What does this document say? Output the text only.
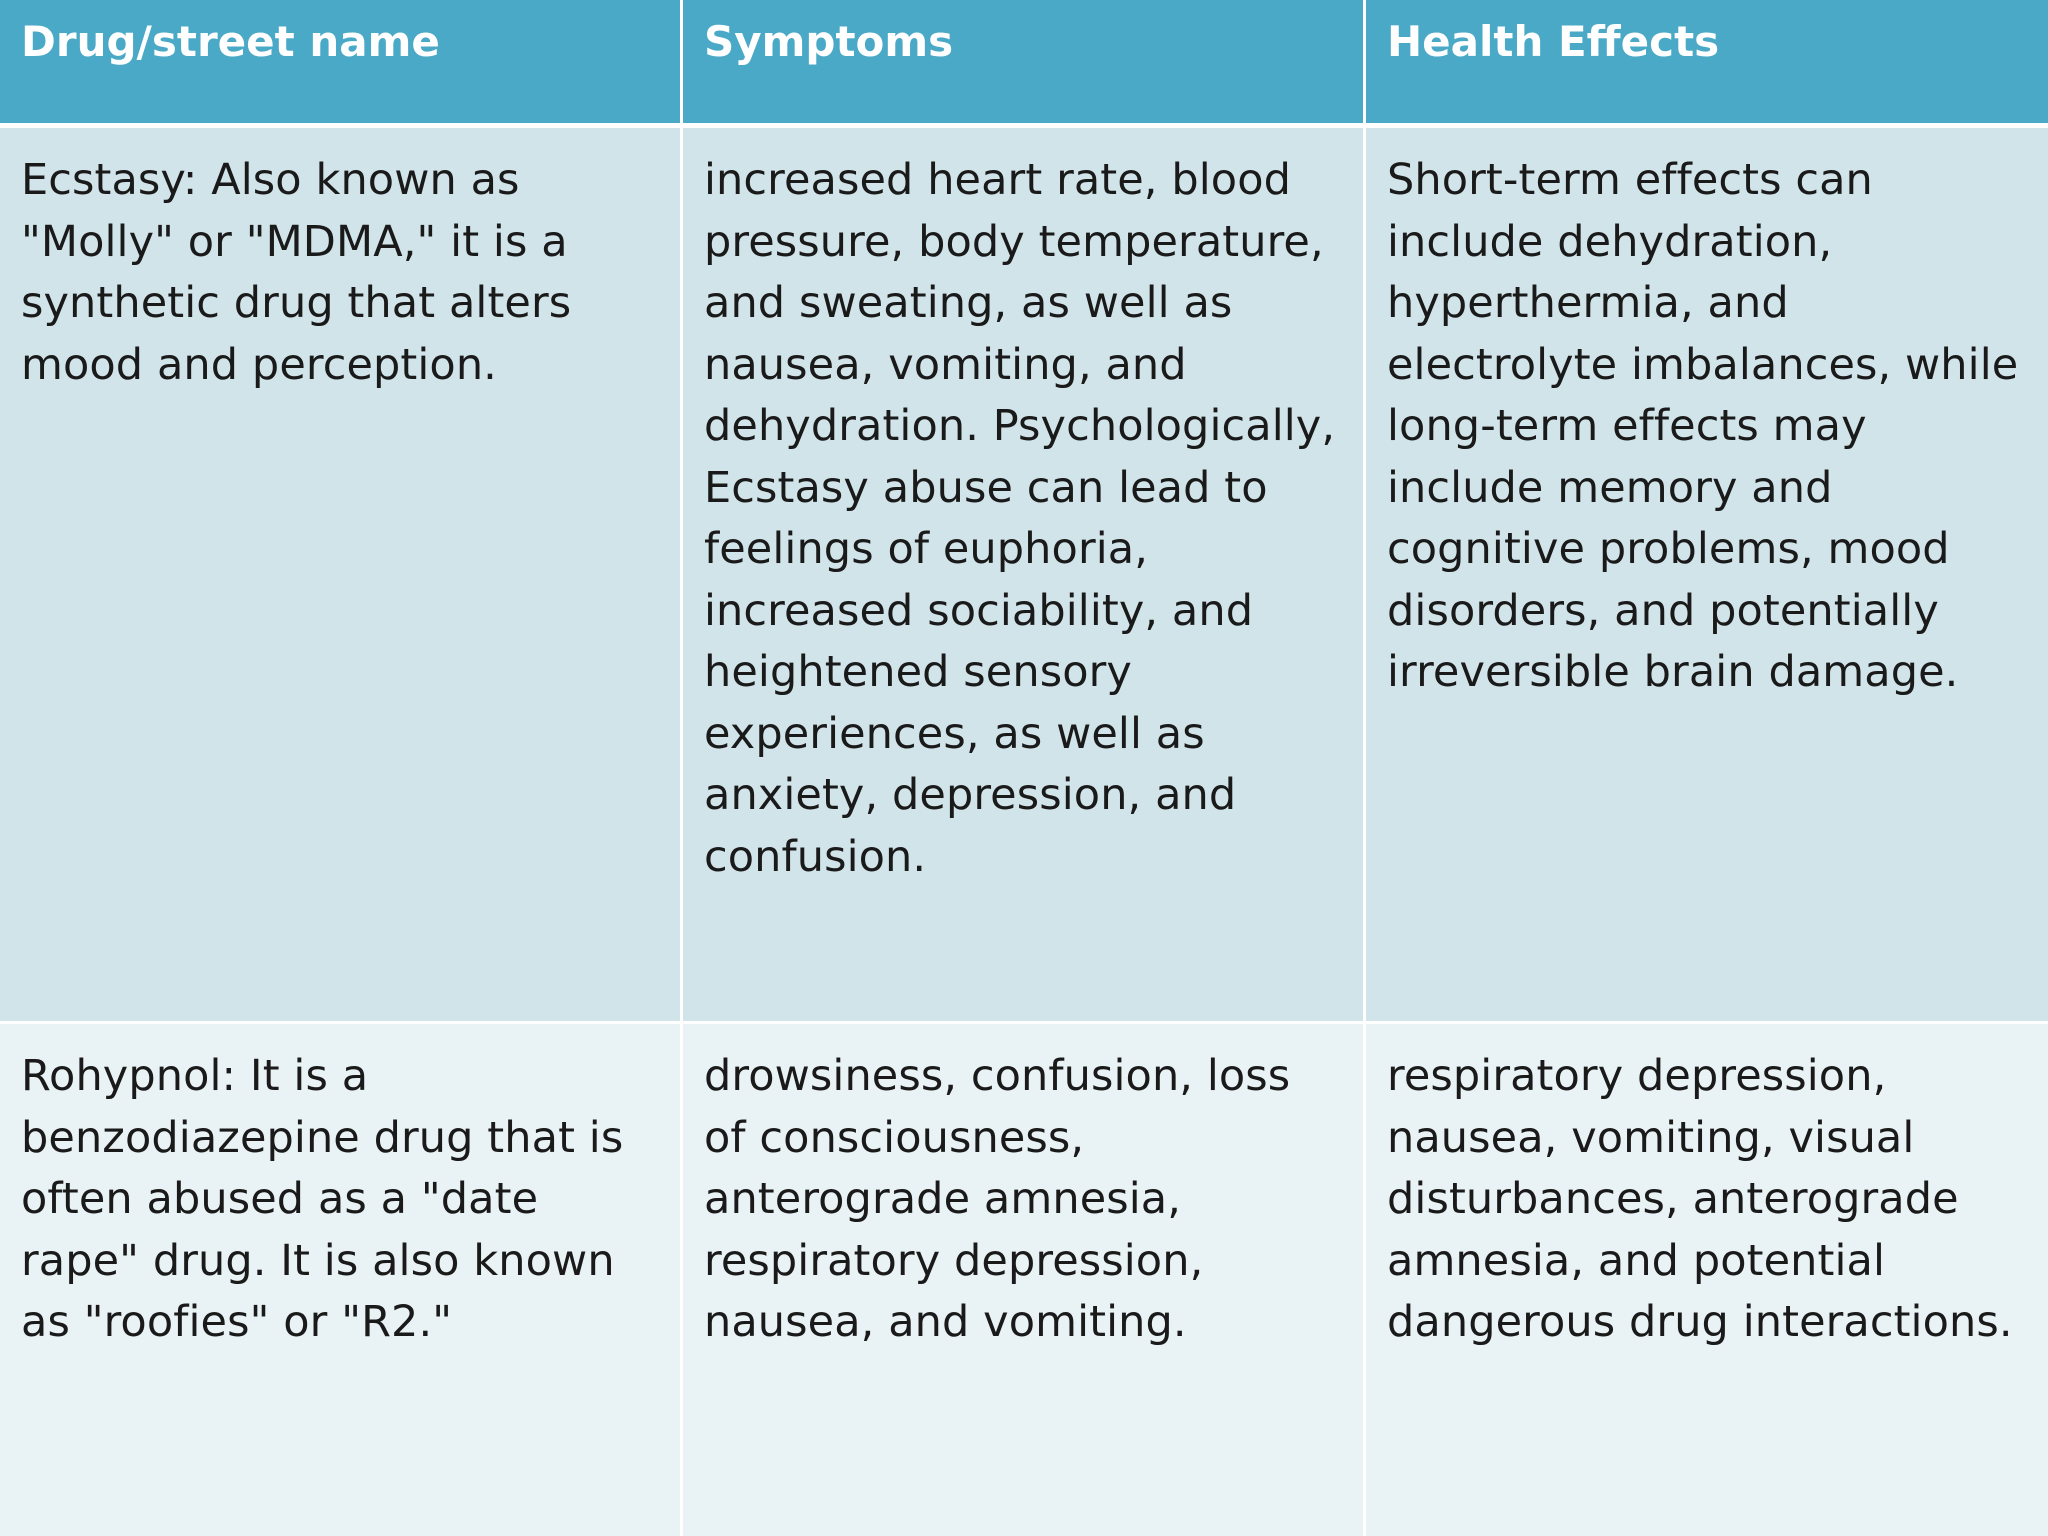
Drug/street name	Symptoms	Health Effects
Ecstasy: Also known as "Molly" or "MDMA," it is a synthetic drug that alters mood and perception.
increased heart rate, blood pressure, body temperature, and sweating, as well as nausea, vomiting, and dehydration. Psychologically, Ecstasy abuse can lead to feelings of euphoria, increased sociability, and heightened sensory experiences, as well as anxiety, depression, and confusion.
Short-term effects can include dehydration, hyperthermia, and electrolyte imbalances, while long-term effects may include memory and cognitive problems, mood disorders, and potentially irreversible brain damage.
Rohypnol: It is a benzodiazepine drug that is often abused as a "date rape" drug. It is also known as "roofies" or "R2."
drowsiness, confusion, loss of consciousness, anterograde amnesia, respiratory depression, nausea, and vomiting.
respiratory depression, nausea, vomiting, visual disturbances, anterograde amnesia, and potential dangerous drug interactions.
